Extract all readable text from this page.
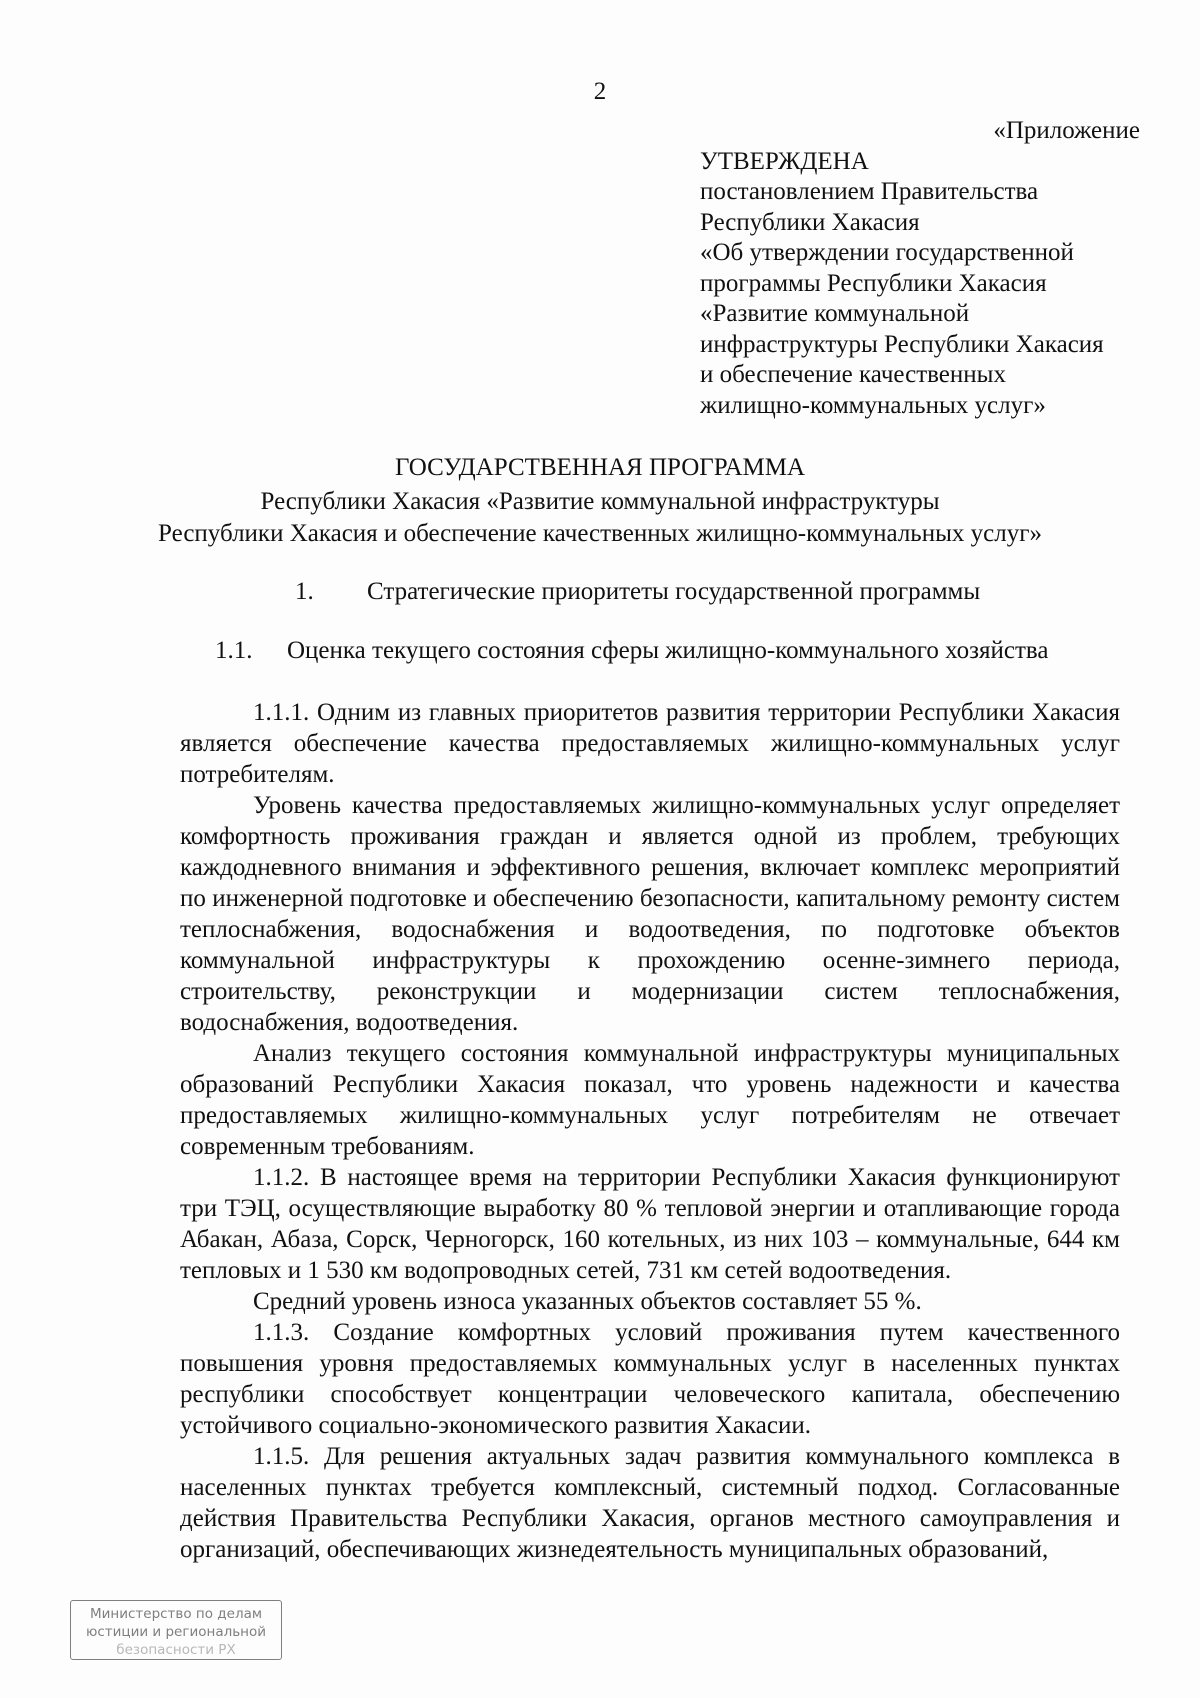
2
«Приложение
УТВЕРЖДЕНА
постановлением Правительства
Республики Хакасия
«Об утверждении государственной
программы Республики Хакасия
«Развитие коммунальной
инфраструктуры Республики Хакасия
и обеспечение качественных
жилищно-коммунальных услуг»
ГОСУДАРСТВЕННАЯ ПРОГРАММА
Республики Хакасия «Развитие коммунальной инфраструктуры
Республики Хакасия и обеспечение качественных жилищно-коммунальных услуг»
1. Стратегические приоритеты государственной программы
1.1. Оценка текущего состояния сферы жилищно-коммунального хозяйства

1.1.1. Одним из главных приоритетов развития территории Республики Хакасия является обеспечение качества предоставляемых жилищно-коммунальных услуг потребителям.

Уровень качества предоставляемых жилищно-коммунальных услуг определяет комфортность проживания граждан и является одной из проблем, требующих каждодневного внимания и эффективного решения, включает комплекс мероприятий по инженерной подготовке и обеспечению безопасности, капитальному ремонту систем теплоснабжения, водоснабжения и водоотведения, по подготовке объектов коммунальной инфраструктуры к прохождению осенне-зимнего периода, строительству, реконструкции и модернизации систем теплоснабжения, водоснабжения, водоотведения.

Анализ текущего состояния коммунальной инфраструктуры муниципальных образований Республики Хакасия показал, что уровень надежности и качества предоставляемых жилищно-коммунальных услуг потребителям не отвечает современным требованиям.

1.1.2. В настоящее время на территории Республики Хакасия функционируют три ТЭЦ, осуществляющие выработку 80 % тепловой энергии и отапливающие города Абакан, Абаза, Сорск, Черногорск, 160 котельных, из них 103 – коммунальные, 644 км тепловых и 1 530 км водопроводных сетей, 731 км сетей водоотведения.

Средний уровень износа указанных объектов составляет 55 %.

1.1.3. Создание комфортных условий проживания путем качественного повышения уровня предоставляемых коммунальных услуг в населенных пунктах республики способствует концентрации человеческого капитала, обеспечению устойчивого социально-экономического развития Хакасии.

1.1.5. Для решения актуальных задач развития коммунального комплекса в населенных пунктах требуется комплексный, системный подход. Согласованные действия Правительства Республики Хакасия, органов местного самоуправления и организаций, обеспечивающих жизнедеятельность муниципальных образований,

Министерство по делам
юстиции и региональной
безопасности РХ
